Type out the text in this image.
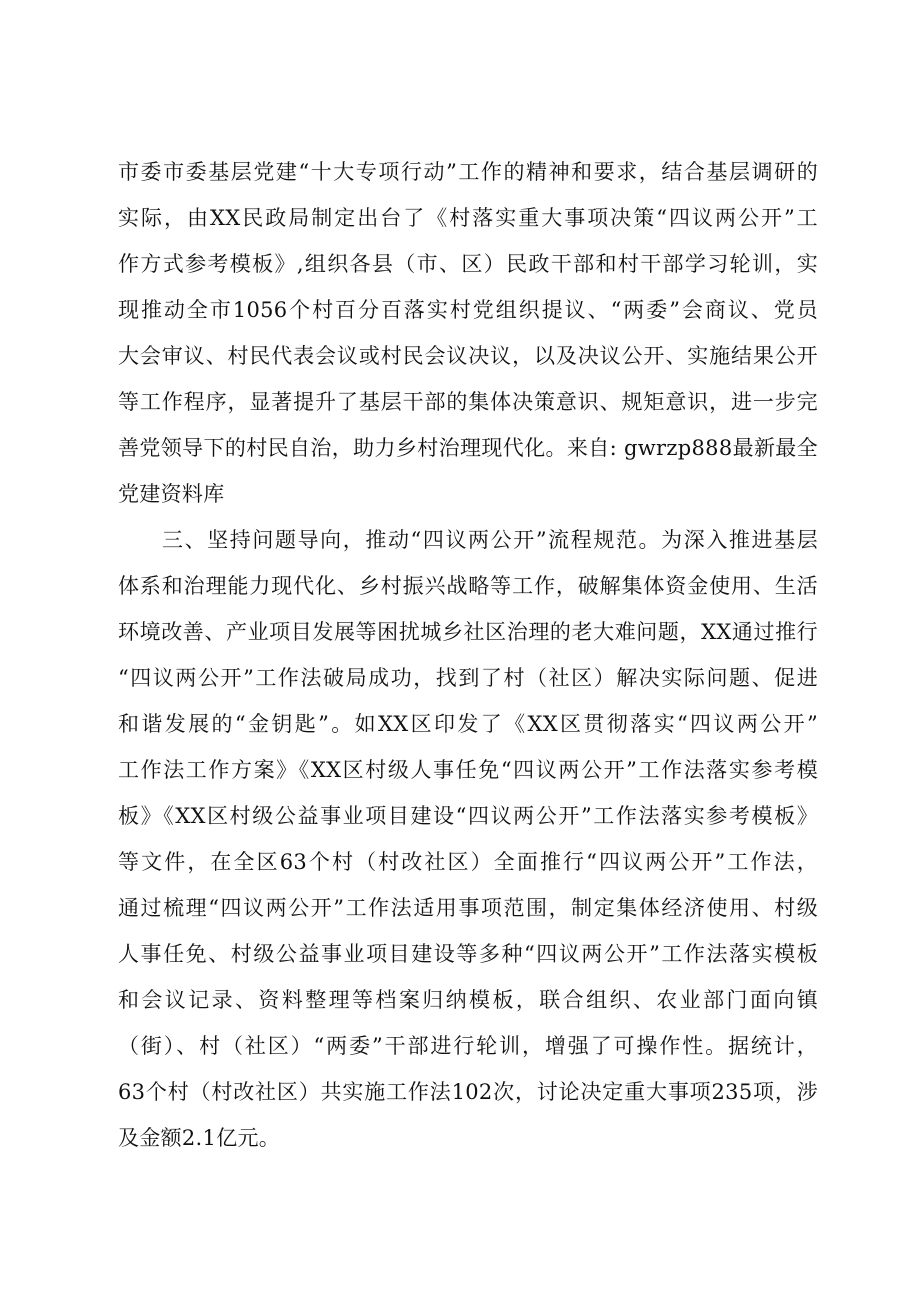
市委市委基层党建“十大专项行动”工作的精神和要求，结合基层调研的
实际，由XX民政局制定出台了《村落实重大事项决策“四议两公开”工
作方式参考模板》,组织各县（市、区）民政干部和村干部学习轮训，实
现推动全市1056个村百分百落实村党组织提议、“两委”会商议、党员
大会审议、村民代表会议或村民会议决议，以及决议公开、实施结果公开
等工作程序，显著提升了基层干部的集体决策意识、规矩意识，进一步完
善党领导下的村民自治，助力乡村治理现代化。来自: gwrzp888最新最全
党建资料库
三、坚持问题导向，推动“四议两公开”流程规范。为深入推进基层
体系和治理能力现代化、乡村振兴战略等工作，破解集体资金使用、生活
环境改善、产业项目发展等困扰城乡社区治理的老大难问题，XX通过推行
“四议两公开”工作法破局成功，找到了村（社区）解决实际问题、促进
和谐发展的“金钥匙”。如XX区印发了《XX区贯彻落实“四议两公开”
工作法工作方案》《XX区村级人事任免“四议两公开”工作法落实参考模
板》《XX区村级公益事业项目建设“四议两公开”工作法落实参考模板》
等文件，在全区63个村（村改社区）全面推行“四议两公开”工作法，
通过梳理“四议两公开”工作法适用事项范围，制定集体经济使用、村级
人事任免、村级公益事业项目建设等多种“四议两公开”工作法落实模板
和会议记录、资料整理等档案归纳模板，联合组织、农业部门面向镇
（街）、村（社区）“两委”干部进行轮训，增强了可操作性。据统计，
63个村（村改社区）共实施工作法102次，讨论决定重大事项235项，涉
及金额2.1亿元。
